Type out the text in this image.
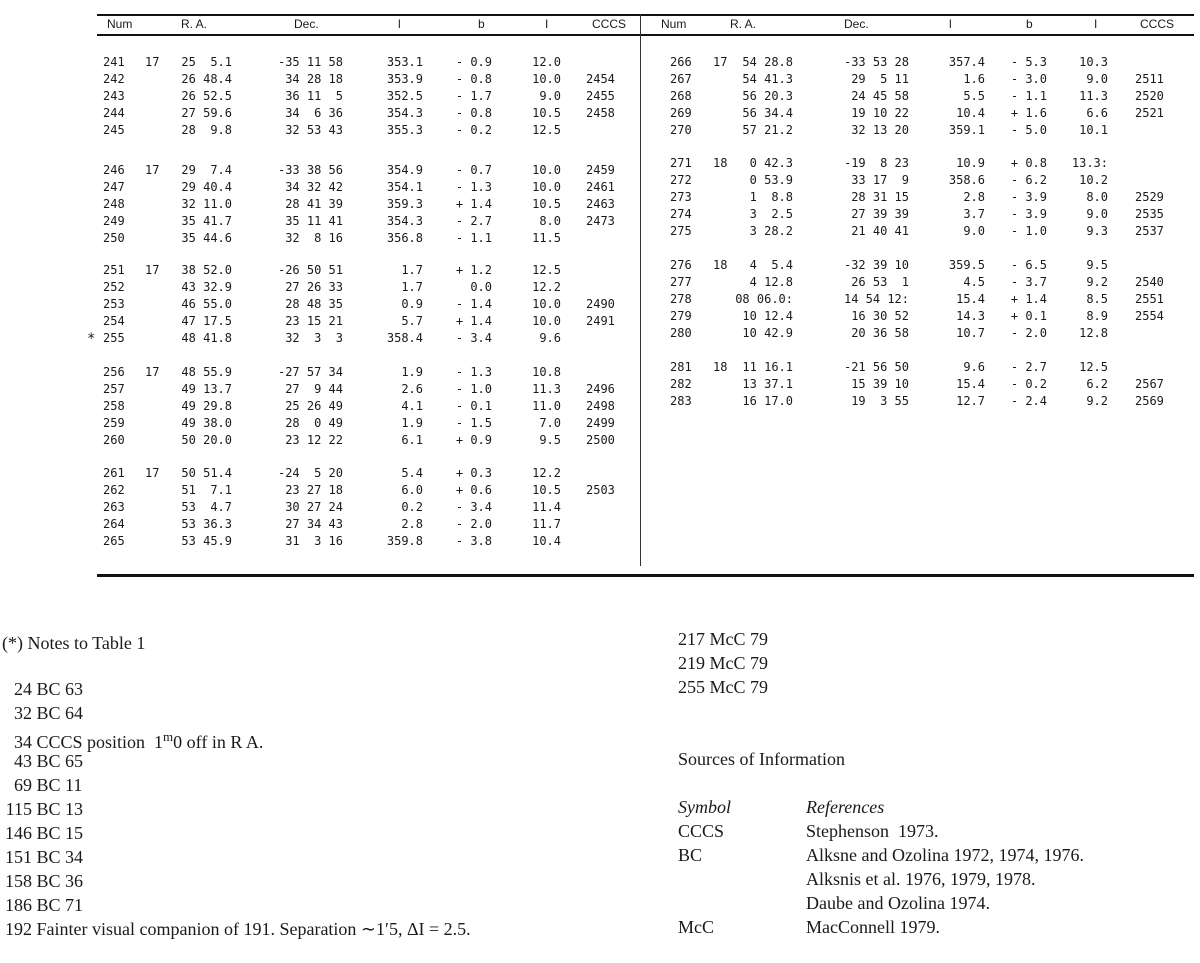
Num	R. A.	Dec.	l	b	I	CCCS	Num	R. A.	Dec.	l	b	I	CCCS
241 17 25  5.1	-35 11 58	353.1	- 0.9	12.0
242	26 48.4	34 28 18	353.9	- 0.8	10.0 2454
243	26 52.5	36 11  5	352.5	- 1.7	9.0 2455
244	27 59.6	34  6 36	354.3	- 0.8	10.5 2458
245	28  9.8	32 53 43	355.3	- 0.2	12.5
246 17 29  7.4	-33 38 56	354.9	- 0.7	10.0 2459
247	29 40.4	34 32 42	354.1	- 1.3	10.0 2461
248	32 11.0	28 41 39	359.3	+ 1.4	10.5 2463
249	35 41.7	35 11 41	354.3	- 2.7	8.0 2473
250	35 44.6	32  8 16	356.8	- 1.1	11.5
251 17 38 52.0	-26 50 51	1.7	+ 1.2	12.5
252	43 32.9	27 26 33	1.7	0.0	12.2
253	46 55.0	28 48 35	0.9	- 1.4	10.0 2490
254	47 17.5	23 15 21	5.7	+ 1.4	10.0 2491
255	48 41.8	32  3  3	358.4	- 3.4	9.6
256 17 48 55.9	-27 57 34	1.9	- 1.3	10.8
257	49 13.7	27  9 44	2.6	- 1.0	11.3 2496
258	49 29.8	25 26 49	4.1	- 0.1	11.0 2498
259	49 38.0	28  0 49	1.9	- 1.5	7.0 2499
260	50 20.0	23 12 22	6.1	+ 0.9	9.5 2500
261 17 50 51.4	-24  5 20	5.4	+ 0.3	12.2
262	51  7.1	23 27 18	6.0	+ 0.6	10.5 2503
263	53  4.7	30 27 24	0.2	- 3.4	11.4
264	53 36.3	27 34 43	2.8	- 2.0	11.7
265	53 45.9	31  3 16	359.8	- 3.8	10.4
266 17 54 28.8	-33 53 28	357.4 - 5.3	10.3
267	54 41.3	29  5 11	1.6 - 3.0	9.0 2511
268	56 20.3	24 45 58	5.5 - 1.1	11.3 2520
269	56 34.4	19 10 22	10.4 + 1.6	6.6 2521
270	57 21.2	32 13 20	359.1 - 5.0	10.1
271 18 0 42.3	-19  8 23	10.9 + 0.8 13.3:
272	0 53.9	33 17  9	358.6 - 6.2	10.2
273	1  8.8	28 31 15	2.8 - 3.9	8.0 2529
274	3  2.5	27 39 39	3.7 - 3.9	9.0 2535
275	3 28.2	21 40 41	9.0 - 1.0	9.3 2537
276 18 4  5.4	-32 39 10	359.5 - 6.5	9.5
277	4 12.8	26 53  1	4.5 - 3.7	9.2 2540
278	08 06.0:	14 54 12:	15.4 + 1.4	8.5 2551
279	10 12.4	16 30 52	14.3 + 0.1	8.9 2554
280	10 42.9	20 36 58	10.7 - 2.0	12.8
281 18 11 16.1	-21 56 50	9.6 - 2.7	12.5
282	13 37.1	15 39 10	15.4 - 0.2	6.2 2567
283	16 17.0	19  3 55	12.7 - 2.4	9.2 2569
*
(*) Notes to Table 1
24 BC 63
32 BC 64
34 CCCS position  1$^m$0 off in R A.
43 BC 65
69 BC 11
115 BC 13
146 BC 15
151 BC 34
158 BC 36
186 BC 71
192 Fainter visual companion of 191. Separation ∼1′5, ΔI = 2.5.
217 McC 79
219 McC 79
255 McC 79
Sources of Information
Symbol	References
CCCS	Stephenson  1973.
BC	Alksne and Ozolina 1972, 1974, 1976.
Alksnis et al. 1976, 1979, 1978.
Daube and Ozolina 1974.
McC	MacConnell 1979.
